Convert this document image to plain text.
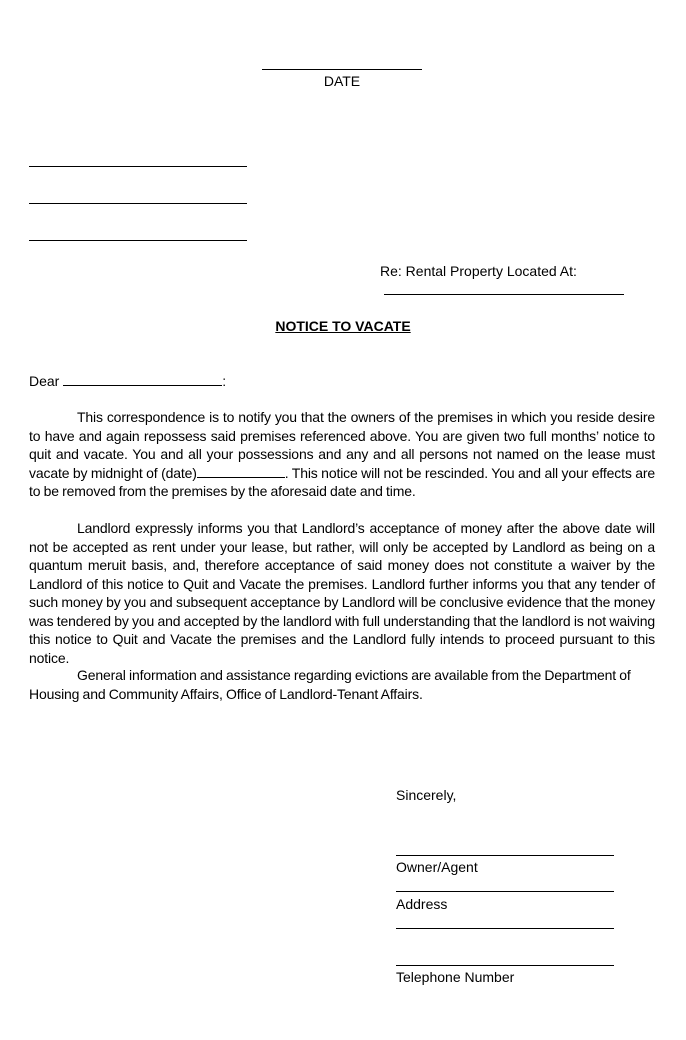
DATE
Re: Rental Property Located At:
NOTICE TO VACATE
Dear	:
This correspondence is to notify you that the owners of the premises in which you reside desire to have and again repossess said premises referenced above. You are given two full months’ notice to quit and vacate. You and all your possessions and any and all persons not named on the lease must vacate by midnight of (date)	. This notice will not be rescinded. You and all your effects are to be removed from the premises by the aforesaid date and time.
Landlord expressly informs you that Landlord’s acceptance of money after the above date will not be accepted as rent under your lease, but rather, will only be accepted by Landlord as being on a quantum meruit basis, and, therefore acceptance of said money does not constitute a waiver by the Landlord of this notice to Quit and Vacate the premises. Landlord further informs you that any tender of such money by you and subsequent acceptance by Landlord will be conclusive evidence that the money was tendered by you and accepted by the landlord with full understanding that the landlord is not waiving this notice to Quit and Vacate the premises and the Landlord fully intends to proceed pursuant to this notice.
General information and assistance regarding evictions are available from the Department of Housing and Community Affairs, Office of Landlord-Tenant Affairs.
Sincerely,
Owner/Agent
Address
Telephone Number
